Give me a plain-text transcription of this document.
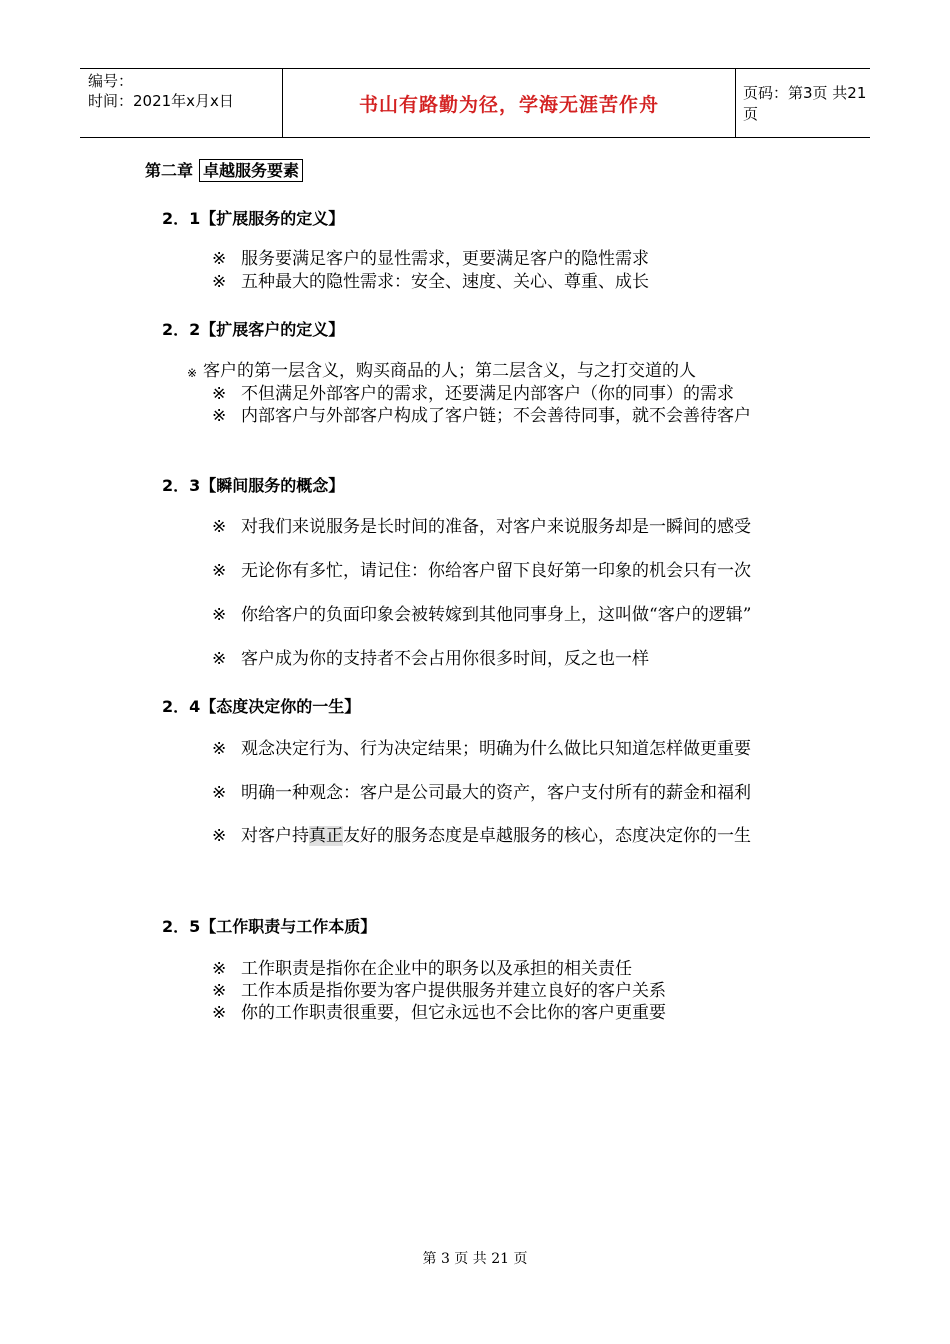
编号：
时间：2021年x月x日	书山有路勤为径，学海无涯苦作舟
页码：第3页 共21页
第二章 卓越服务要素
2．1【扩展服务的定义】
※ 服务要满足客户的显性需求，更要满足客户的隐性需求
※ 五种最大的隐性需求：安全、速度、关心、尊重、成长
2．2【扩展客户的定义】
※ 客户的第一层含义，购买商品的人；第二层含义，与之打交道的人
※ 不但满足外部客户的需求，还要满足内部客户（你的同事）的需求
※ 内部客户与外部客户构成了客户链；不会善待同事，就不会善待客户
2．3【瞬间服务的概念】
※ 对我们来说服务是长时间的准备，对客户来说服务却是一瞬间的感受
※ 无论你有多忙，请记住：你给客户留下良好第一印象的机会只有一次
※ 你给客户的负面印象会被转嫁到其他同事身上，这叫做“客户的逻辑”
※ 客户成为你的支持者不会占用你很多时间，反之也一样
2．4【态度决定你的一生】
※ 观念决定行为、行为决定结果；明确为什么做比只知道怎样做更重要
※ 明确一种观念：客户是公司最大的资产，客户支付所有的薪金和福利
※ 对客户持真正友好的服务态度是卓越服务的核心，态度决定你的一生
2．5【工作职责与工作本质】
※ 工作职责是指你在企业中的职务以及承担的相关责任
※ 工作本质是指你要为客户提供服务并建立良好的客户关系
※ 你的工作职责很重要，但它永远也不会比你的客户更重要
第 3 页 共 21 页
